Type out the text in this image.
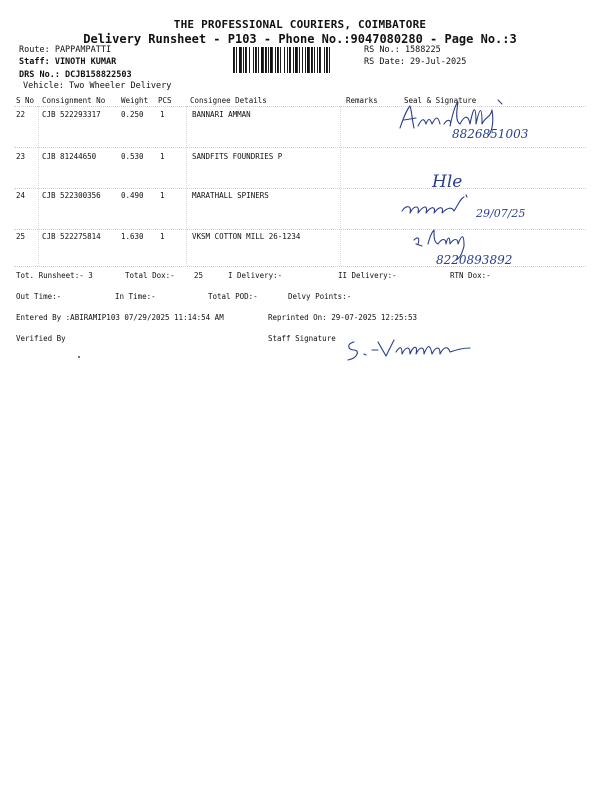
THE PROFESSIONAL COURIERS, COIMBATORE
Delivery Runsheet - P103 - Phone No.:9047080280 - Page No.:3
Route: PAPPAMPATTI
Staff: VINOTH KUMAR
DRS No.: DCJB158822503
Vehicle: Two Wheeler Delivery
RS No.: 1588225
RS Date: 29-Jul-2025
S No Consignment No Weight PCS Consignee Details	Remarks	Seal & Signature
22 CJB 522293317	0.250 1	BANNARI AMMAN
23 CJB 81244650	0.530 1	SANDFITS FOUNDRIES P
24 CJB 522300356	0.490 1	MARATHALL SPINERS
25 CJB 522275814	1.630 1	VKSM COTTON MILL 26-1234
8826851003
Hle
29/07/25
8220893892
Tot. Runsheet:- 3	Total Dox:-	25	I Delivery:-	II Delivery:-	RTN Dox:-
Out Time:-	In Time:-	Total POD:-	Delvy Points:-
Entered By :ABIRAMIP103 07/29/2025 11:14:54 AM	Reprinted On: 29-07-2025 12:25:53
Verified By	Staff Signature
